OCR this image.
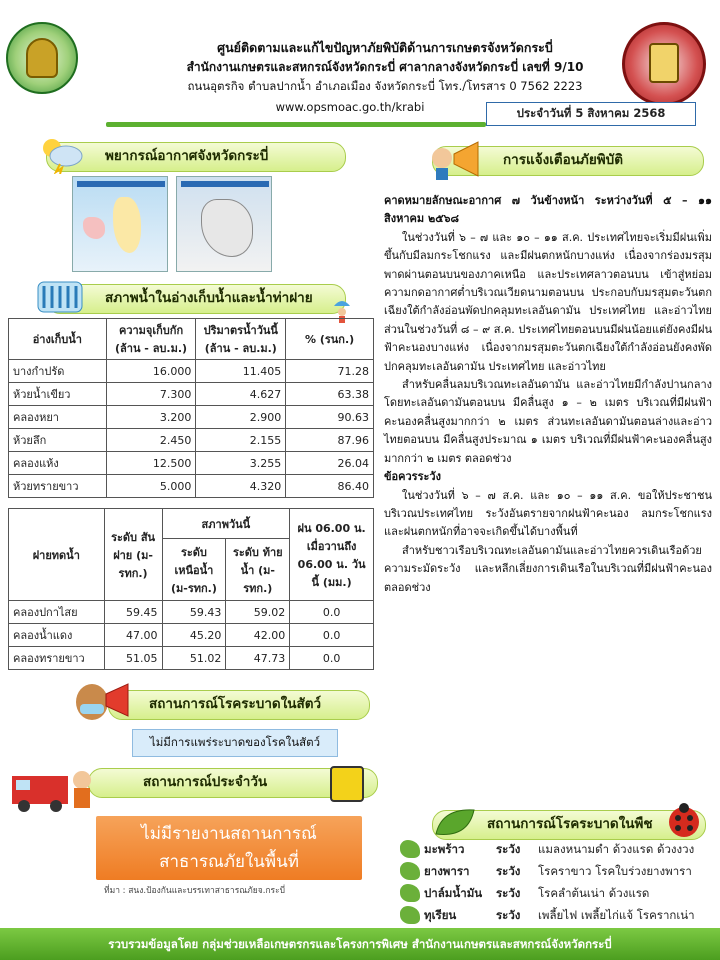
ศูนย์ติดตามและแก้ไขปัญหาภัยพิบัติด้านการเกษตรจังหวัดกระบี่
สำนักงานเกษตรและสหกรณ์จังหวัดกระบี่ ศาลากลางจังหวัดกระบี่ เลขที่ 9/10
ถนนอุตรกิจ ตำบลปากน้ำ อำเภอเมือง จังหวัดกระบี่ โทร./โทรสาร 0 7562 2223
www.opsmoac.go.th/krabi	ประจำวันที่ 5 สิงหาคม 2568
พยากรณ์อากาศจังหวัดกระบี่
สภาพน้ำในอ่างเก็บน้ำและน้ำท่าฝาย
อ่างเก็บน้ำ	ความจุเก็บกัก (ล้าน - ลบ.ม.)	ปริมาตรน้ำวันนี้ (ล้าน - ลบ.ม.)	% (รนก.)
บางกำปรัด	16.000	11.405	71.28
ห้วยน้ำเขียว	7.300	4.627	63.38
คลองหยา	3.200	2.900	90.63
ห้วยลึก	2.450	2.155	87.96
คลองแห้ง	12.500	3.255	26.04
ห้วยทรายขาว	5.000	4.320	86.40
ฝายทดน้ำ	ระดับ สันฝาย (ม-รทก.)	สภาพวันนี้		ฝน 06.00 น. เมื่อวานถึง 06.00 น. วันนี้ (มม.)
		ระดับ เหนือน้ำ (ม-รทก.)	ระดับ ท้ายน้ำ (ม-รทก.)	
คลองปกาไสย	59.45	59.43	59.02	0.0
คลองน้ำแดง	47.00	45.20	42.00	0.0
คลองทรายขาว	51.05	51.02	47.73	0.0
การแจ้งเตือนภัยพิบัติ

คาดหมายลักษณะอากาศ ๗ วันข้างหน้า ระหว่างวันที่ ๕ – ๑๑ สิงหาคม ๒๕๖๘

ในช่วงวันที่ ๖ – ๗ และ ๑๐ – ๑๑ ส.ค. ประเทศไทยจะเริ่มมีฝนเพิ่มขึ้นกับมีลมกระโชกแรง และมีฝนตกหนักบางแห่ง เนื่องจากร่องมรสุมพาดผ่านตอนบนของภาคเหนือ และประเทศลาวตอนบน เข้าสู่หย่อมความกดอากาศต่ำบริเวณเวียดนามตอนบน ประกอบกับมรสุมตะวันตกเฉียงใต้กำลังอ่อนพัดปกคลุมทะเลอันดามัน ประเทศไทย และอ่าวไทย ส่วนในช่วงวันที่ ๘ – ๙ ส.ค. ประเทศไทยตอนบนมีฝนน้อยแต่ยังคงมีฝนฟ้าคะนองบางแห่ง เนื่องจากมรสุมตะวันตกเฉียงใต้กำลังอ่อนยังคงพัดปกคลุมทะเลอันดามัน ประเทศไทย และอ่าวไทย

สำหรับคลื่นลมบริเวณทะเลอันดามัน และอ่าวไทยมีกำลังปานกลาง โดยทะเลอันดามันตอนบน มีคลื่นสูง ๑ – ๒ เมตร บริเวณที่มีฝนฟ้าคะนองคลื่นสูงมากกว่า ๒ เมตร ส่วนทะเลอันดามันตอนล่างและอ่าวไทยตอนบน มีคลื่นสูงประมาณ ๑ เมตร บริเวณที่มีฝนฟ้าคะนองคลื่นสูงมากกว่า ๒ เมตร ตลอดช่วง

ข้อควรระวัง

ในช่วงวันที่ ๖ – ๗ ส.ค. และ ๑๐ – ๑๑ ส.ค. ขอให้ประชาชนบริเวณประเทศไทย ระวังอันตรายจากฝนฟ้าคะนอง ลมกระโชกแรง และฝนตกหนักที่อาจจะเกิดขึ้นได้บางพื้นที่

สำหรับชาวเรือบริเวณทะเลอันดามันและอ่าวไทยควรเดินเรือด้วยความระมัดระวัง และหลีกเลี่ยงการเดินเรือในบริเวณที่มีฝนฟ้าคะนองตลอดช่วง

สถานการณ์โรคระบาดในสัตว์
ไม่มีการแพร่ระบาดของโรคในสัตว์
สถานการณ์ประจำวัน
ไม่มีรายงานสถานการณ์
สาธารณภัยในพื้นที่
ที่มา : สนง.ป้องกันและบรรเทาสาธารณภัยจ.กระบี่
สถานการณ์โรคระบาดในพืช
มะพร้าว	ระวัง	แมลงหนามดำ ด้วงแรด ด้วงงวง
ยางพารา	ระวัง	โรคราขาว โรคใบร่วงยางพารา
ปาล์มน้ำมัน	ระวัง	โรคลำต้นเน่า ด้วงแรด
ทุเรียน	ระวัง	เพลี้ยไฟ เพลี้ยไก่แจ้ โรครากเน่า
รวบรวมข้อมูลโดย กลุ่มช่วยเหลือเกษตรกรและโครงการพิเศษ สำนักงานเกษตรและสหกรณ์จังหวัดกระบี่
